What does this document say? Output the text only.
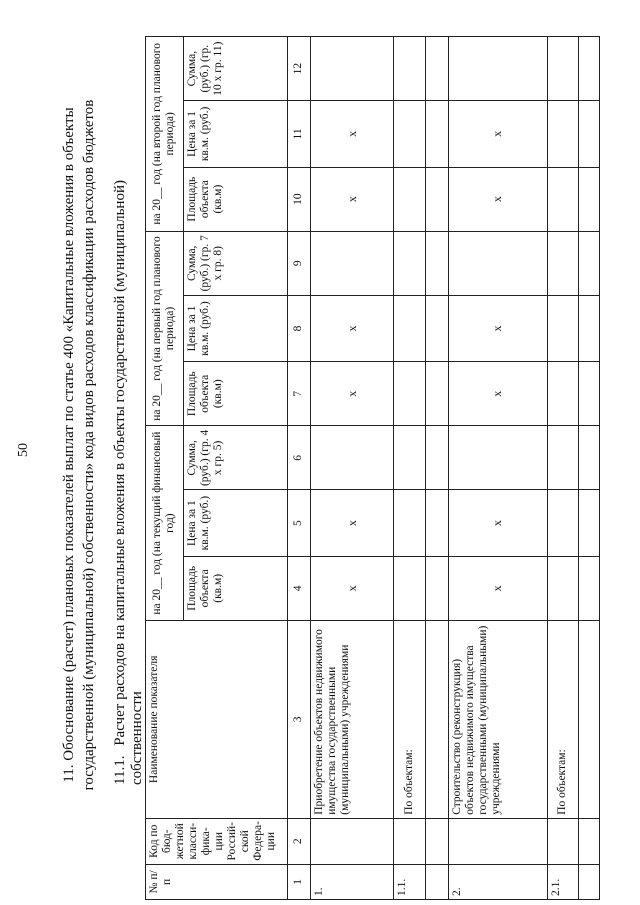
50 11. Обоснование (расчет) плановых показателей выплат по статье 400 «Капитальные вложения в объекты государственной (муниципальной) собственности» кода видов расходов классификации расходов бюджетов 11.1. Расчет расходов на капитальные вложения в объекты государственной (муниципальной) собственности
№ п/п	Код по бюд-жетной класси-фика-ции Россий-ской Федера-ции	Наименование показателя	на 20__ год (на текущий финансовый год)			на 20__ год (на первый год планового периода)			на 20__ год (на второй год планового периода)		
			Площадь объекта (кв.м)	Цена за 1 кв.м. (руб.)	Сумма, (руб.) (гр. 4 х гр. 5)	Площадь объекта (кв.м)	Цена за 1 кв.м. (руб.)	Сумма, (руб.) (гр. 7 х гр. 8)	Площадь объекта (кв.м)	Цена за 1 кв.м. (руб.)	Сумма, (руб.) (гр. 10 х гр. 11)
1	2	3	4	5	6	7	8	9	10	11	12
1.		Приобретение объектов недвижимого имущества государственными (муниципальными) учреждениями	х	х		х	х		х	х	
1.1.		По объектам:									

2.		Строительство (реконструкция) объектов недвижимого имущества государственными (муниципальными) учреждениями	х	х		х	х		х	х	
2.1.		По объектам:									
